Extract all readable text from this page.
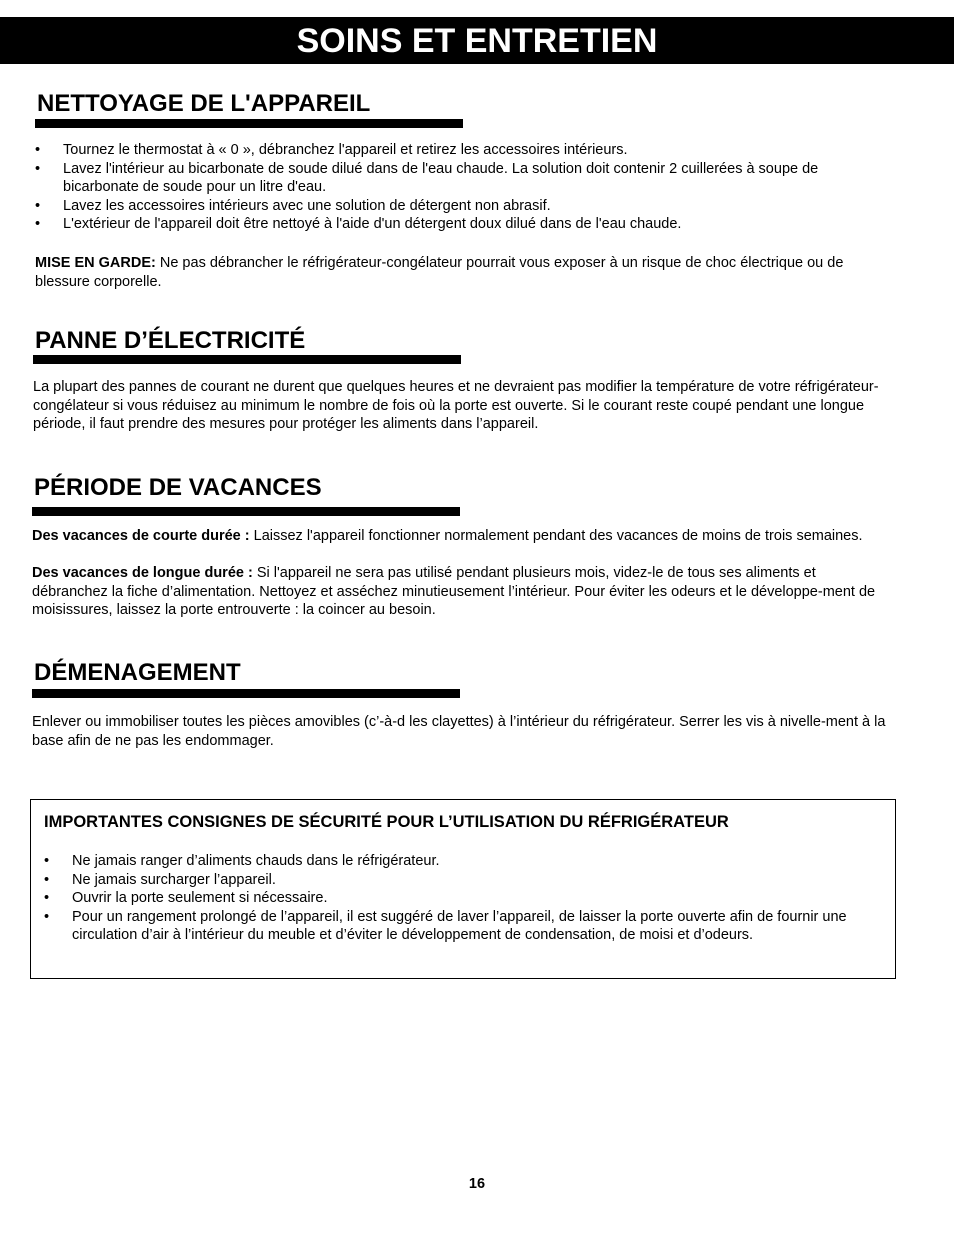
SOINS ET ENTRETIEN
NETTOYAGE DE L'APPAREIL
• Tournez le thermostat à « 0 », débranchez l'appareil et retirez les accessoires intérieurs.
• Lavez l'intérieur au bicarbonate de soude dilué dans de l'eau chaude. La solution doit contenir 2 cuillerées à soupe de bicarbonate de soude pour un litre d'eau.
• Lavez les accessoires intérieurs avec une solution de détergent non abrasif.
• L'extérieur de l'appareil doit être nettoyé à l'aide d'un détergent doux dilué dans de l'eau chaude.

MISE EN GARDE: Ne pas débrancher le réfrigérateur-congélateur pourrait vous exposer à un risque de choc électrique ou de blessure corporelle.

PANNE D’ÉLECTRICITÉ

La plupart des pannes de courant ne durent que quelques heures et ne devraient pas modifier la température de votre réfrigérateur-congélateur si vous réduisez au minimum le nombre de fois où la porte est ouverte. Si le courant reste coupé pendant une longue période, il faut prendre des mesures pour protéger les aliments dans l’appareil.

PÉRIODE DE VACANCES

Des vacances de courte durée : Laissez l'appareil fonctionner normalement pendant des vacances de moins de trois semaines.

Des vacances de longue durée : Si l'appareil ne sera pas utilisé pendant plusieurs mois, videz-le de tous ses aliments et débranchez la fiche d’alimentation. Nettoyez et asséchez minutieusement l’intérieur. Pour éviter les odeurs et le développe-ment de moisissures, laissez la porte entrouverte : la coincer au besoin.

DÉMENAGEMENT

Enlever ou immobiliser toutes les pièces amovibles (c’-à-d les clayettes) à l’intérieur du réfrigérateur. Serrer les vis à nivelle-ment à la base afin de ne pas les endommager.

IMPORTANTES CONSIGNES DE SÉCURITÉ POUR L’UTILISATION DU RÉFRIGÉRATEUR
• Ne jamais ranger d’aliments chauds dans le réfrigérateur.
• Ne jamais surcharger l’appareil.
• Ouvrir la porte seulement si nécessaire.
• Pour un rangement prolongé de l’appareil, il est suggéré de laver l’appareil, de laisser la porte ouverte afin de fournir une circulation d’air à l’intérieur du meuble et d’éviter le développement de condensation, de moisi et d’odeurs.
16
